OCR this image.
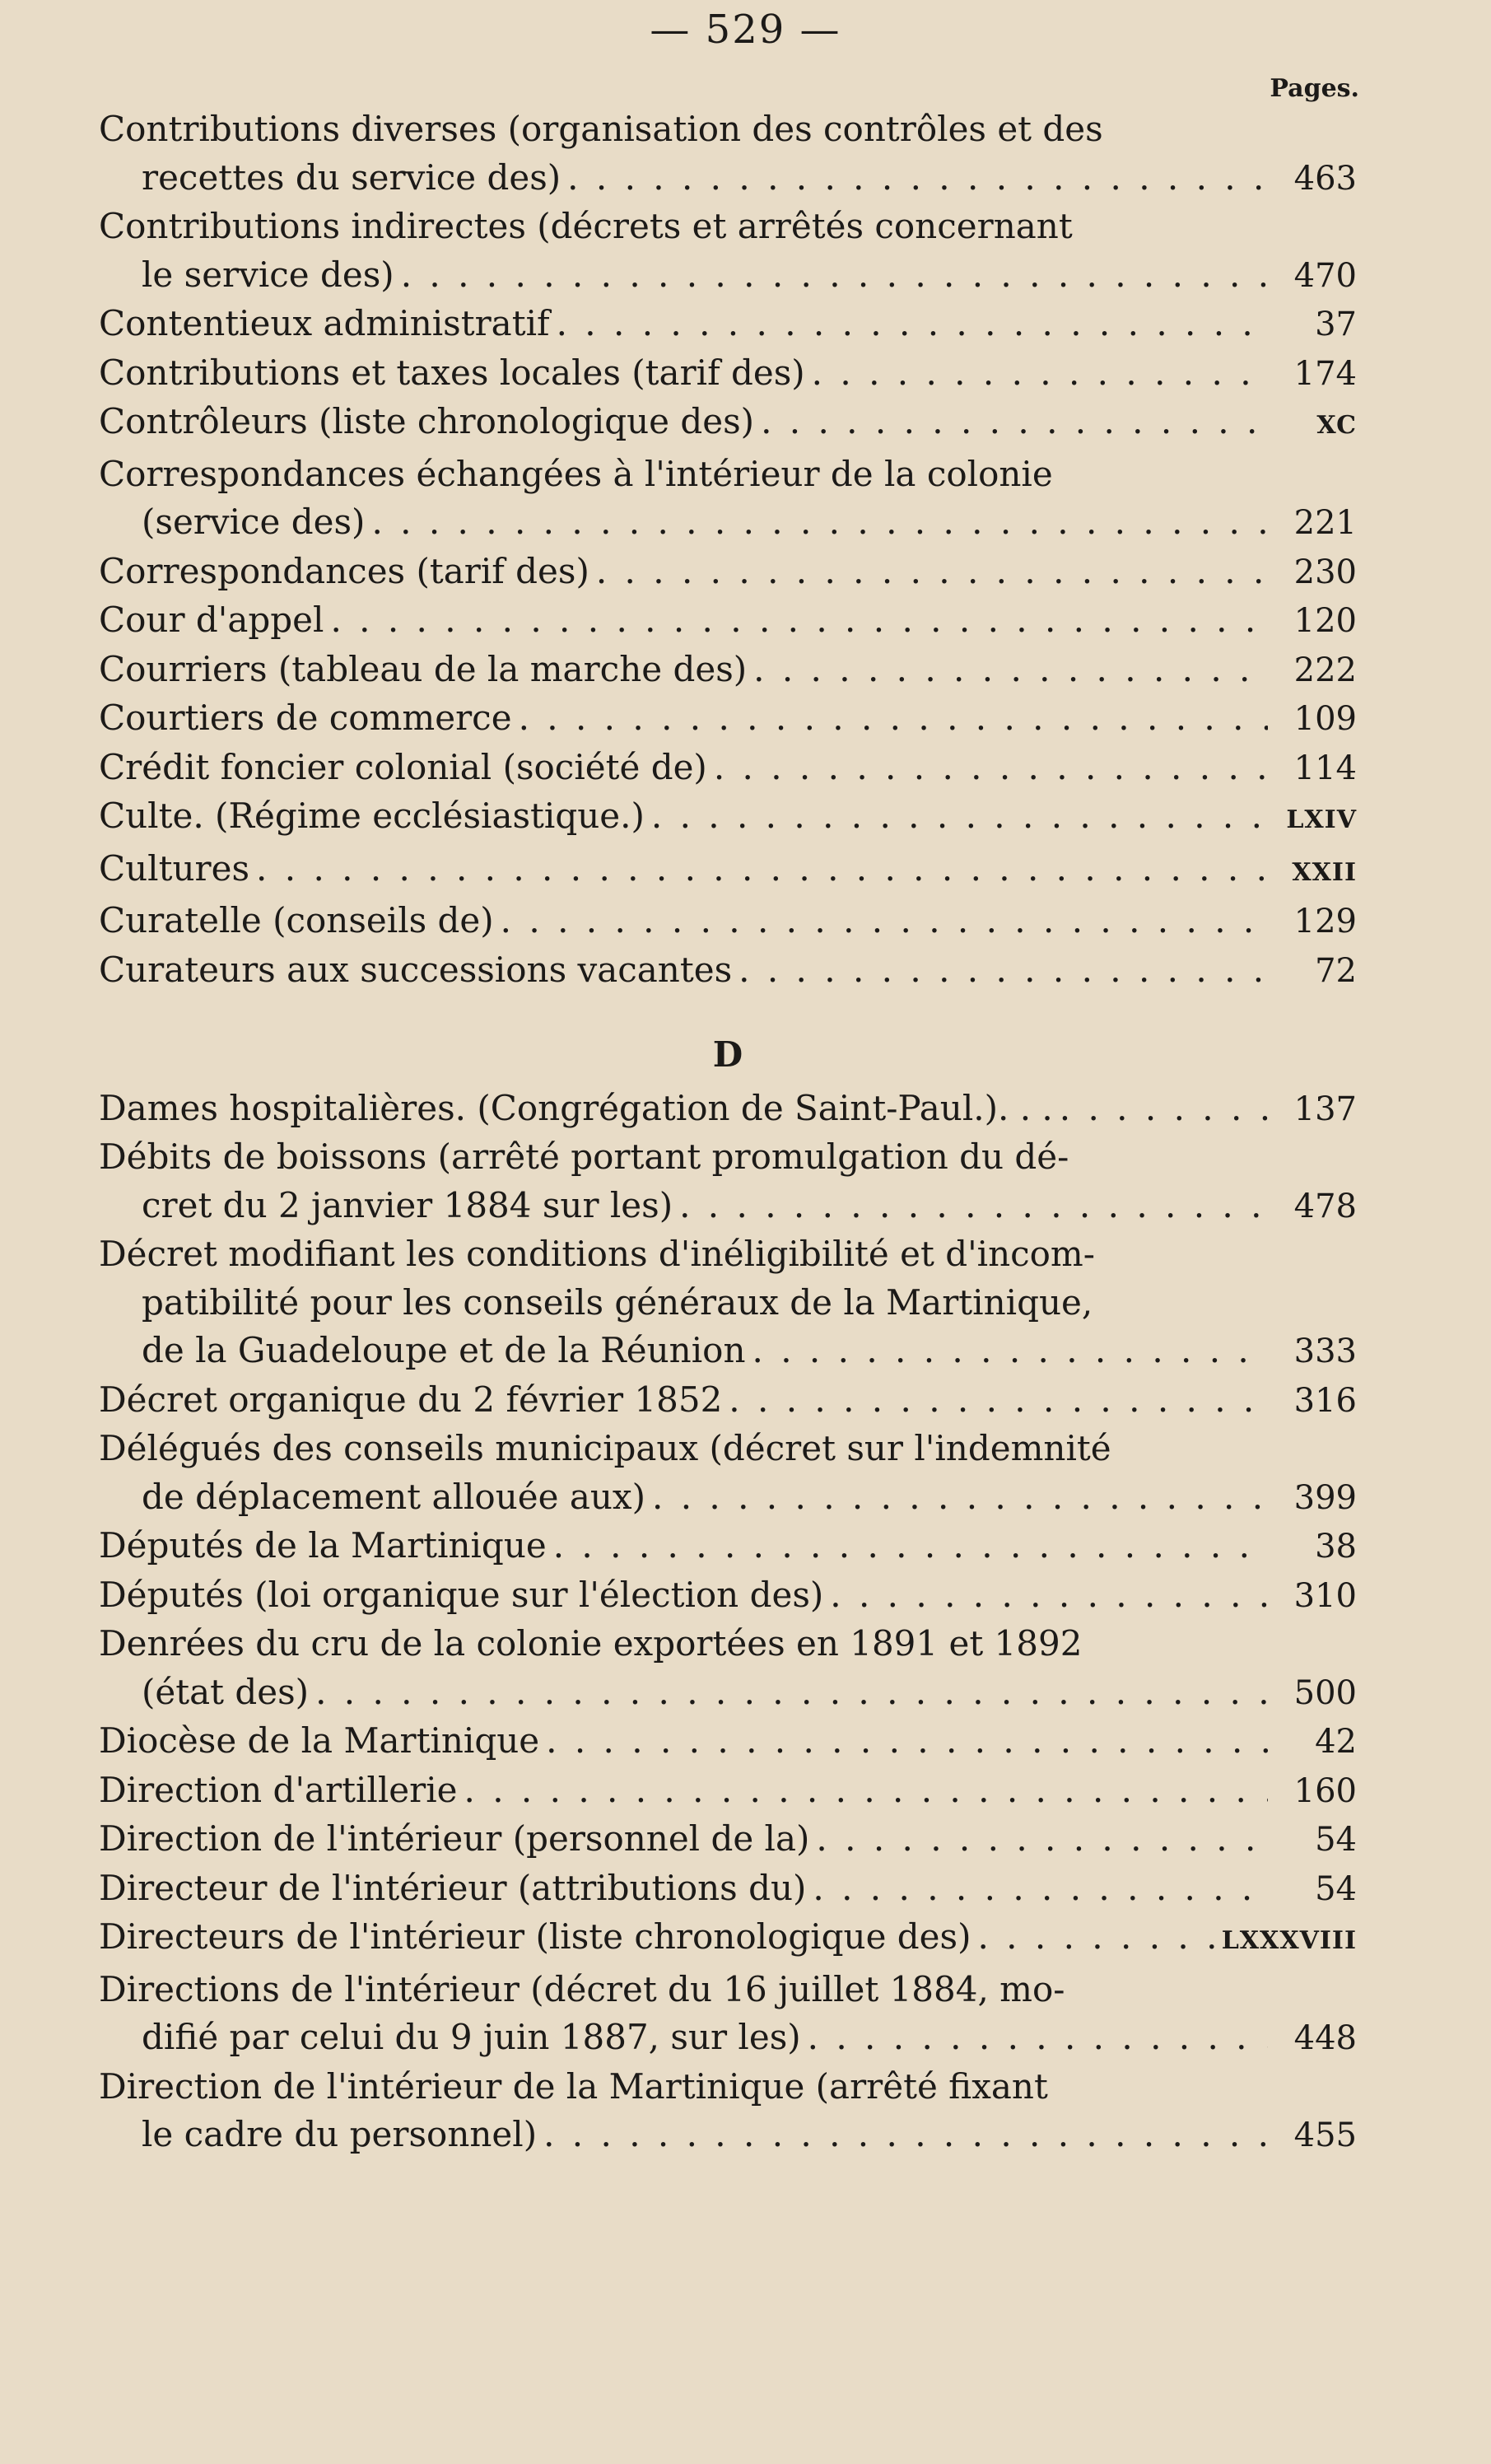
— 529 —
Pages.
Contributions diverses (organisation des contrôles et des
recettes du service des) . . .	463
Contributions indirectes (décrets et arrêtés concernant
le service des) . . .	470
Contentieux administratif . . .	37
Contributions et taxes locales (tarif des) . . .	174
Contrôleurs (liste chronologique des) . . .	XC
Correspondances échangées à l'intérieur de la colonie
(service des) . . .	221
Correspondances (tarif des) . . .	230
Cour d'appel . . .	120
Courriers (tableau de la marche des) . . .	222
Courtiers de commerce . . .	109
Crédit foncier colonial (société de) . . .	114
Culte. (Régime ecclésiastique.) . . .	LXIV
Cultures . . .	XXII
Curatelle (conseils de) . . .	129
Curateurs aux successions vacantes . . .	72
D
Dames hospitalières. (Congrégation de Saint-Paul.). . . . . .	137
Débits de boissons (arrêté portant promulgation du dé-
cret du 2 janvier 1884 sur les) . . .	478
Décret modifiant les conditions d'inéligibilité et d'incom-
patibilité pour les conseils généraux de la Martinique,
de la Guadeloupe et de la Réunion . . .	333
Décret organique du 2 février 1852 . . .	316
Délégués des conseils municipaux (décret sur l'indemnité
de déplacement allouée aux) . . .	399
Députés de la Martinique . . .	38
Députés (loi organique sur l'élection des) . . .	310
Denrées du cru de la colonie exportées en 1891 et 1892
(état des) . . .	500
Diocèse de la Martinique . . .	42
Direction d'artillerie . . .	160
Direction de l'intérieur (personnel de la) . . .	54
Directeur de l'intérieur (attributions du) . . .	54
Directeurs de l'intérieur (liste chronologique des) . . .	LXXXVIII
Directions de l'intérieur (décret du 16 juillet 1884, mo-
difié par celui du 9 juin 1887, sur les) . . .	448
Direction de l'intérieur de la Martinique (arrêté fixant
le cadre du personnel) . . .	455
